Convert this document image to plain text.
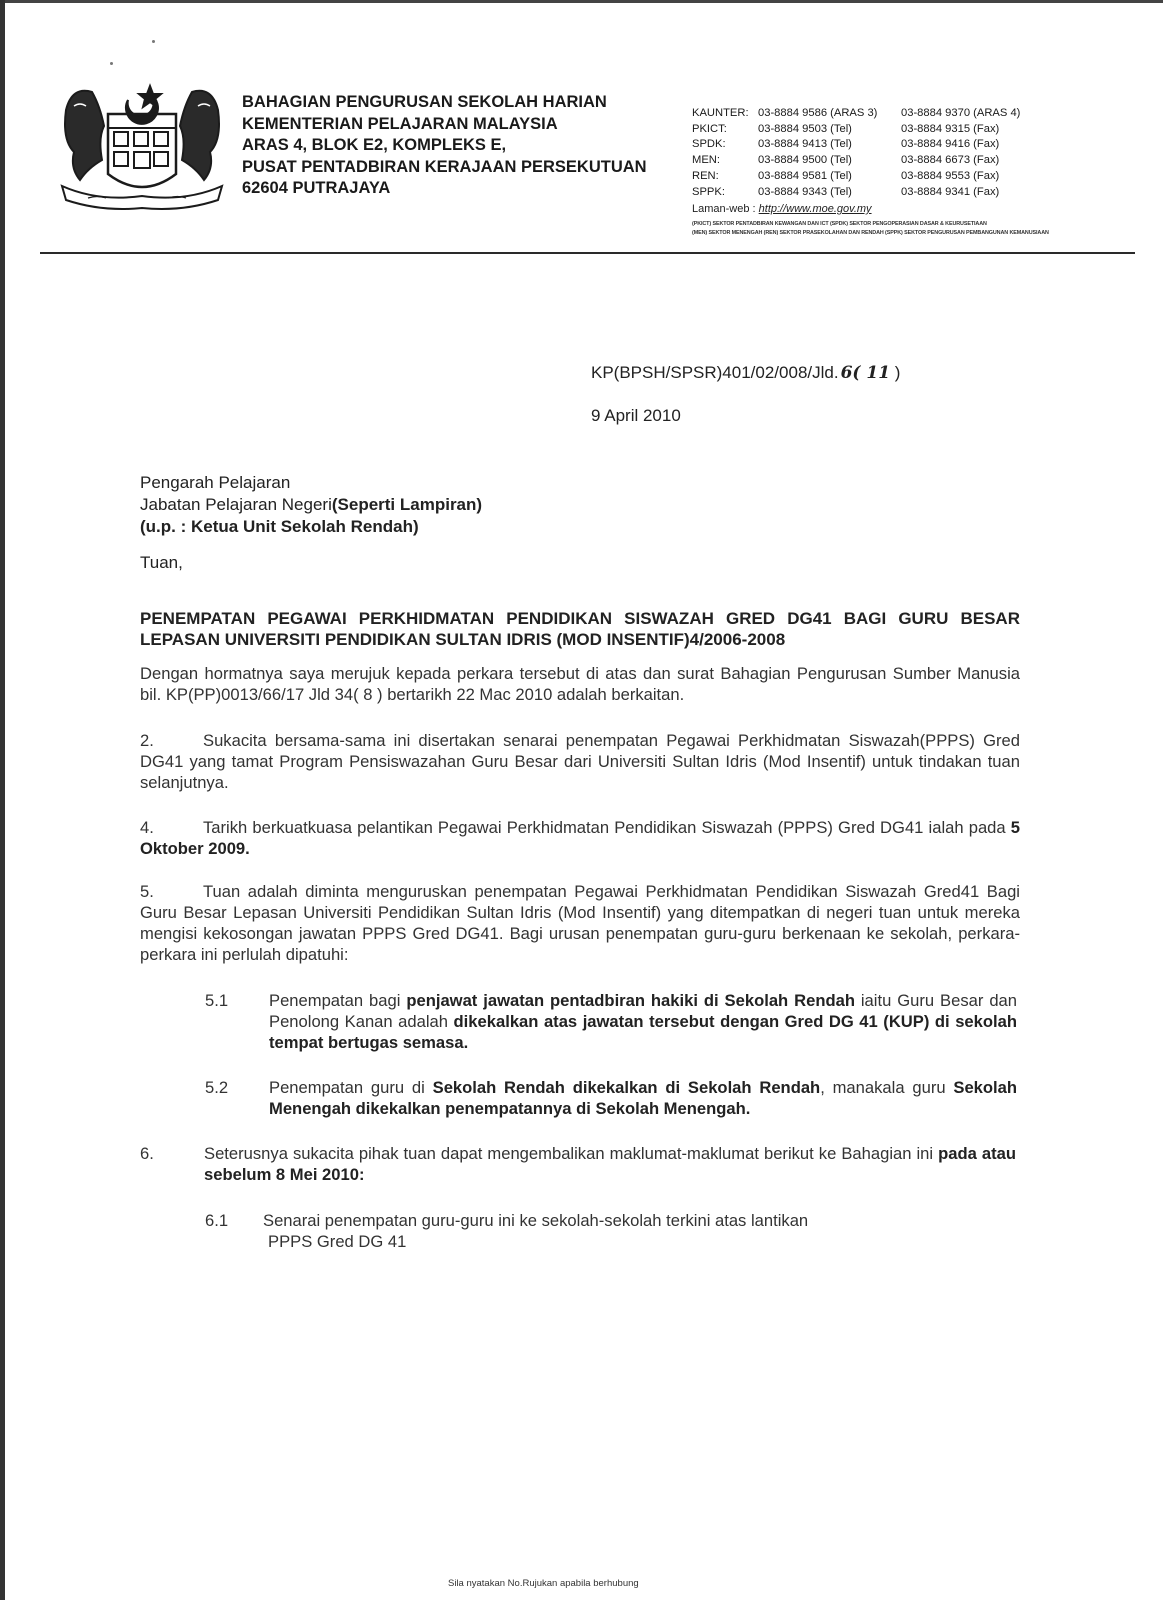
BAHAGIAN PENGURUSAN SEKOLAH HARIAN
KEMENTERIAN PELAJARAN MALAYSIA
ARAS 4, BLOK E2, KOMPLEKS E,
PUSAT PENTADBIRAN KERAJAAN PERSEKUTUAN
62604 PUTRAJAYA
KAUNTER:	03-8884 9586 (ARAS 3)	03-8884 9370 (ARAS 4)
PKICT:	03-8884 9503 (Tel)	03-8884 9315 (Fax)
SPDK:	03-8884 9413 (Tel)	03-8884 9416 (Fax)
MEN:	03-8884 9500 (Tel)	03-8884 6673 (Fax)
REN:	03-8884 9581 (Tel)	03-8884 9553 (Fax)
SPPK:	03-8884 9343 (Tel)	03-8884 9341 (Fax)
Laman-web : http://www.moe.gov.my
(PKICT) SEKTOR PENTADBIRAN KEWANGAN DAN ICT (SPDK) SEKTOR PENGOPERASIAN DASAR & KEURUSETIAAN
(MEN) SEKTOR MENENGAH (REN) SEKTOR PRASEKOLAHAN DAN RENDAH (SPPK) SEKTOR PENGURUSAN PEMBANGUNAN KEMANUSIAAN
KP(BPSH/SPSR)401/02/008/Jld. 6( 11 )
9 April 2010
Pengarah Pelajaran
Jabatan Pelajaran Negeri(Seperti Lampiran)
(u.p. : Ketua Unit Sekolah Rendah)
Tuan,
PENEMPATAN PEGAWAI PERKHIDMATAN PENDIDIKAN SISWAZAH GRED DG41 BAGI GURU BESAR LEPASAN UNIVERSITI PENDIDIKAN SULTAN IDRIS (MOD INSENTIF)4/2006-2008
Dengan hormatnya saya merujuk kepada perkara tersebut di atas dan surat Bahagian Pengurusan Sumber Manusia bil. KP(PP)0013/66/17 Jld 34( 8 ) bertarikh 22 Mac 2010 adalah berkaitan.
2.	Sukacita bersama-sama ini disertakan senarai penempatan Pegawai Perkhidmatan Siswazah(PPPS) Gred DG41 yang tamat Program Pensiswazahan Guru Besar dari Universiti Sultan Idris (Mod Insentif) untuk tindakan tuan selanjutnya.
4.	Tarikh berkuatkuasa pelantikan Pegawai Perkhidmatan Pendidikan Siswazah (PPPS) Gred DG41 ialah pada 5 Oktober 2009.
5.	Tuan adalah diminta menguruskan penempatan Pegawai Perkhidmatan Pendidikan Siswazah Gred41 Bagi Guru Besar Lepasan Universiti Pendidikan Sultan Idris (Mod Insentif) yang ditempatkan di negeri tuan untuk mereka mengisi kekosongan jawatan PPPS Gred DG41. Bagi urusan penempatan guru-guru berkenaan ke sekolah, perkara-perkara ini perlulah dipatuhi:
5.1 Penempatan bagi penjawat jawatan pentadbiran hakiki di Sekolah Rendah iaitu Guru Besar dan Penolong Kanan adalah dikekalkan atas jawatan tersebut dengan Gred DG 41 (KUP) di sekolah tempat bertugas semasa.
5.2 Penempatan guru di Sekolah Rendah dikekalkan di Sekolah Rendah, manakala guru Sekolah Menengah dikekalkan penempatannya di Sekolah Menengah.
6.	Seterusnya sukacita pihak tuan dapat mengembalikan maklumat-maklumat berikut ke Bahagian ini pada atau sebelum 8 Mei 2010:
6.1 Senarai penempatan guru-guru ini ke sekolah-sekolah terkini atas lantikan
PPPS Gred DG 41
Sila nyatakan No.Rujukan apabila berhubung
